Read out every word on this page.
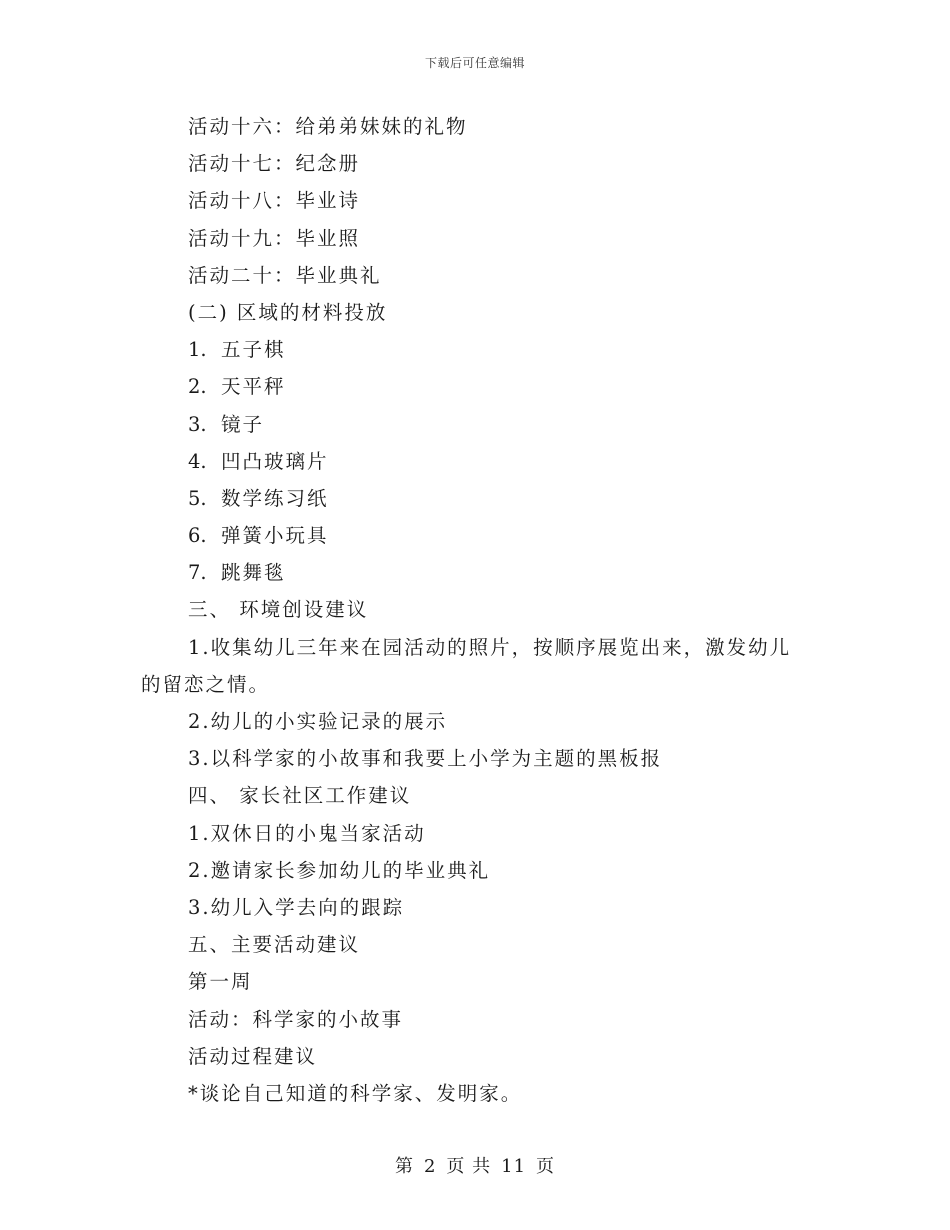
下载后可任意编辑
活动十六：给弟弟妹妹的礼物
活动十七：纪念册
活动十八：毕业诗
活动十九：毕业照
活动二十：毕业典礼
(二) 区域的材料投放
1. 五子棋
2. 天平秤
3. 镜子
4. 凹凸玻璃片
5. 数学练习纸
6. 弹簧小玩具
7. 跳舞毯
三、 环境创设建议
1.收集幼儿三年来在园活动的照片，按顺序展览出来，激发幼儿
的留恋之情。
2.幼儿的小实验记录的展示
3.以科学家的小故事和我要上小学为主题的黑板报
四、 家长社区工作建议
1.双休日的小鬼当家活动
2.邀请家长参加幼儿的毕业典礼
3.幼儿入学去向的跟踪
五、主要活动建议
第一周
活动：科学家的小故事
活动过程建议
*谈论自己知道的科学家、发明家。
第 2 页 共 11 页
